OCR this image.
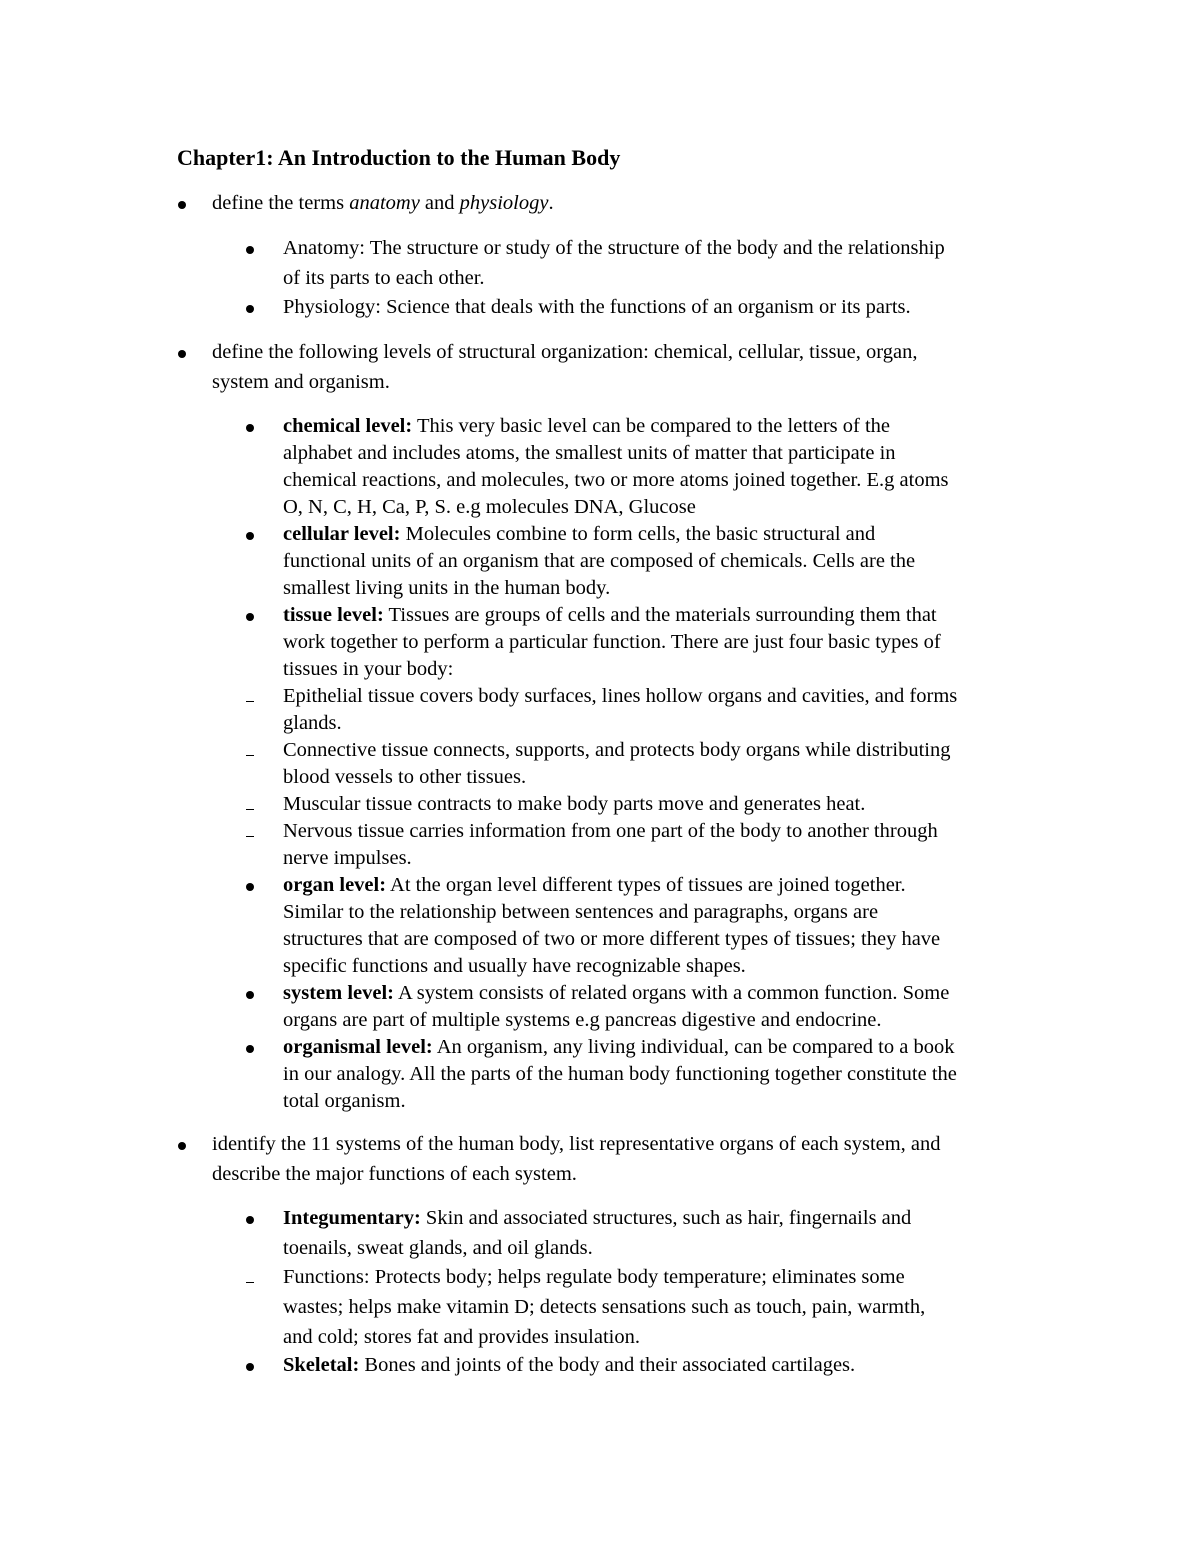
Chapter1: An Introduction to the Human Body
define the terms anatomy and physiology.
Anatomy: The structure or study of the structure of the body and the relationship
of its parts to each other.
Physiology: Science that deals with the functions of an organism or its parts.
define the following levels of structural organization: chemical, cellular, tissue, organ,
system and organism.
chemical level: This very basic level can be compared to the letters of the
alphabet and includes atoms, the smallest units of matter that participate in
chemical reactions, and molecules, two or more atoms joined together. E.g atoms
O, N, C, H, Ca, P, S. e.g molecules DNA, Glucose
cellular level: Molecules combine to form cells, the basic structural and
functional units of an organism that are composed of chemicals. Cells are the
smallest living units in the human body.
tissue level: Tissues are groups of cells and the materials surrounding them that
work together to perform a particular function. There are just four basic types of
tissues in your body:
Epithelial tissue covers body surfaces, lines hollow organs and cavities, and forms
glands.
Connective tissue connects, supports, and protects body organs while distributing
blood vessels to other tissues.
Muscular tissue contracts to make body parts move and generates heat.
Nervous tissue carries information from one part of the body to another through
nerve impulses.
organ level: At the organ level different types of tissues are joined together.
Similar to the relationship between sentences and paragraphs, organs are
structures that are composed of two or more different types of tissues; they have
specific functions and usually have recognizable shapes.
system level: A system consists of related organs with a common function. Some
organs are part of multiple systems e.g pancreas digestive and endocrine.
organismal level: An organism, any living individual, can be compared to a book
in our analogy. All the parts of the human body functioning together constitute the
total organism.
identify the 11 systems of the human body, list representative organs of each system, and
describe the major functions of each system.
Integumentary: Skin and associated structures, such as hair, fingernails and
toenails, sweat glands, and oil glands.
Functions: Protects body; helps regulate body temperature; eliminates some
wastes; helps make vitamin D; detects sensations such as touch, pain, warmth,
and cold; stores fat and provides insulation.
Skeletal: Bones and joints of the body and their associated cartilages.
